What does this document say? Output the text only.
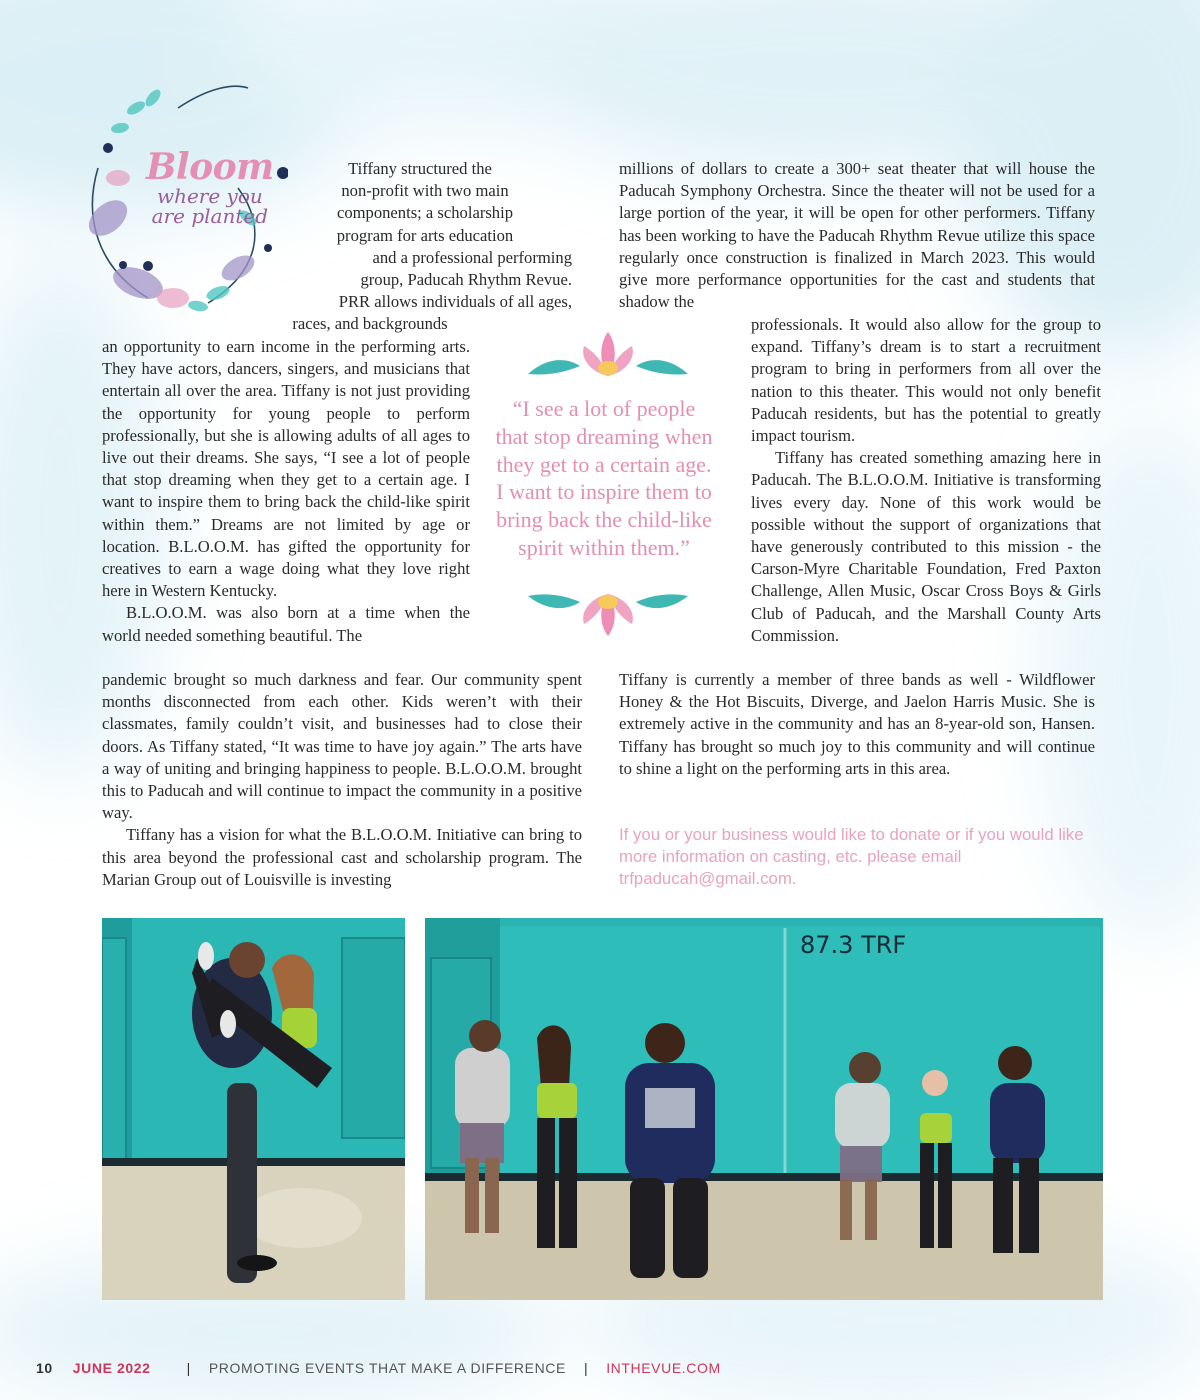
Bloom
where you
are planted

Tiffany structured the

non-profit with two main

components; a scholarship

program for arts education

and a professional performing

group, Paducah Rhythm Revue.

PRR allows individuals of all ages,

races, and backgrounds

an opportunity to earn income in the performing arts. They have actors, dancers, singers, and musicians that entertain all over the area. Tiffany is not just providing the opportunity for young people to perform professionally, but she is allowing adults of all ages to live out their dreams. She says, “I see a lot of people that stop dreaming when they get to a certain age. I want to inspire them to bring back the child-like spirit within them.” Dreams are not limited by age or location. B.L.O.O.M. has gifted the opportunity for creatives to earn a wage doing what they love right here in Western Kentucky.

B.L.O.O.M. was also born at a time when the world needed something beautiful. The

pandemic brought so much darkness and fear. Our community spent months disconnected from each other. Kids weren’t with their classmates, family couldn’t visit, and businesses had to close their doors. As Tiffany stated, “It was time to have joy again.” The arts have a way of uniting and bringing happiness to people. B.L.O.O.M. brought this to Paducah and will continue to impact the community in a positive way.

Tiffany has a vision for what the B.L.O.O.M. Initiative can bring to this area beyond the professional cast and scholarship program. The Marian Group out of Louisville is investing

millions of dollars to create a 300+ seat theater that will house the Paducah Symphony Orchestra. Since the theater will not be used for a large portion of the year, it will be open for other performers. Tiffany has been working to have the Paducah Rhythm Revue utilize this space regularly once construction is finalized in March 2023. This would give more performance opportunities for the cast and students that shadow the

professionals. It would also allow for the group to expand. Tiffany’s dream is to start a recruitment program to bring in performers from all over the nation to this theater. This would not only benefit Paducah residents, but has the potential to greatly impact tourism.

Tiffany has created something amazing here in Paducah. The B.L.O.O.M. Initiative is transforming lives every day. None of this work would be possible without the support of organizations that have generously contributed to this mission - the Carson-Myre Charitable Foundation, Fred Paxton Challenge, Allen Music, Oscar Cross Boys & Girls Club of Paducah, and the Marshall County Arts Commission.

Tiffany is currently a member of three bands as well - Wildflower Honey & the Hot Biscuits, Diverge, and Jaelon Harris Music. She is extremely active in the community and has an 8-year-old son, Hansen. Tiffany has brought so much joy to this community and will continue to shine a light on the performing arts in this area.

“I see a lot of people that stop dreaming when they get to a certain age. I want to inspire them to bring back the child-like spirit within them.”
If you or your business would like to donate or if you would like more information on casting, etc. please email trfpaducah@gmail.com.
87.3 TRF
10 JUNE 2022	| PROMOTING EVENTS THAT MAKE A DIFFERENCE | INTHEVUE.COM
